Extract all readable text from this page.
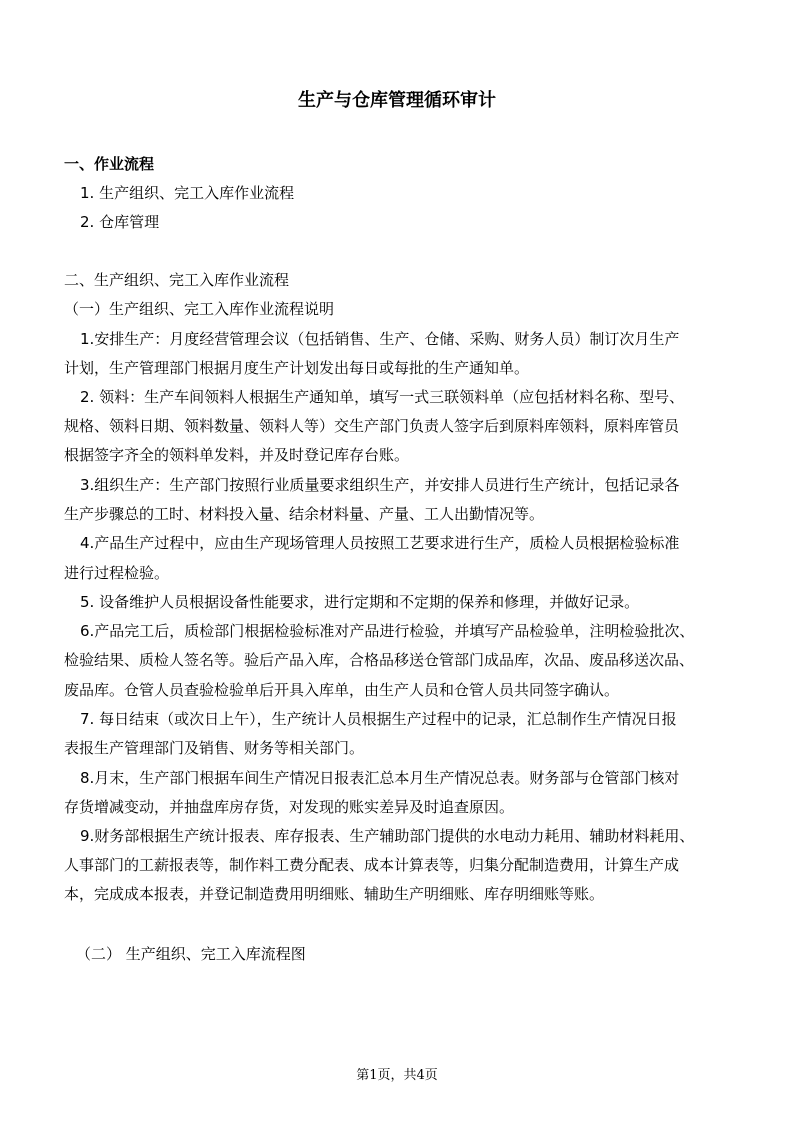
生产与仓库管理循环审计
一、作业流程
1. 生产组织、完工入库作业流程
2. 仓库管理
二、生产组织、完工入库作业流程
（一）生产组织、完工入库作业流程说明
1.安排生产：月度经营管理会议（包括销售、生产、仓储、采购、财务人员）制订次月生产
计划，生产管理部门根据月度生产计划发出每日或每批的生产通知单。
2. 领料：生产车间领料人根据生产通知单，填写一式三联领料单（应包括材料名称、型号、
规格、领料日期、领料数量、领料人等）交生产部门负责人签字后到原料库领料，原料库管员
根据签字齐全的领料单发料，并及时登记库存台账。
3.组织生产：生产部门按照行业质量要求组织生产，并安排人员进行生产统计，包括记录各
生产步骤总的工时、材料投入量、结余材料量、产量、工人出勤情况等。
4.产品生产过程中，应由生产现场管理人员按照工艺要求进行生产，质检人员根据检验标准
进行过程检验。
5. 设备维护人员根据设备性能要求，进行定期和不定期的保养和修理，并做好记录。
6.产品完工后，质检部门根据检验标准对产品进行检验，并填写产品检验单，注明检验批次、
检验结果、质检人签名等。验后产品入库，合格品移送仓管部门成品库，次品、废品移送次品、
废品库。仓管人员查验检验单后开具入库单，由生产人员和仓管人员共同签字确认。
7. 每日结束（或次日上午），生产统计人员根据生产过程中的记录，汇总制作生产情况日报
表报生产管理部门及销售、财务等相关部门。
8.月末，生产部门根据车间生产情况日报表汇总本月生产情况总表。财务部与仓管部门核对
存货增减变动，并抽盘库房存货，对发现的账实差异及时追查原因。
9.财务部根据生产统计报表、库存报表、生产辅助部门提供的水电动力耗用、辅助材料耗用、
人事部门的工薪报表等，制作料工费分配表、成本计算表等，归集分配制造费用，计算生产成
本，完成成本报表，并登记制造费用明细账、辅助生产明细账、库存明细账等账。
（二） 生产组织、完工入库流程图
第1页，共4页
